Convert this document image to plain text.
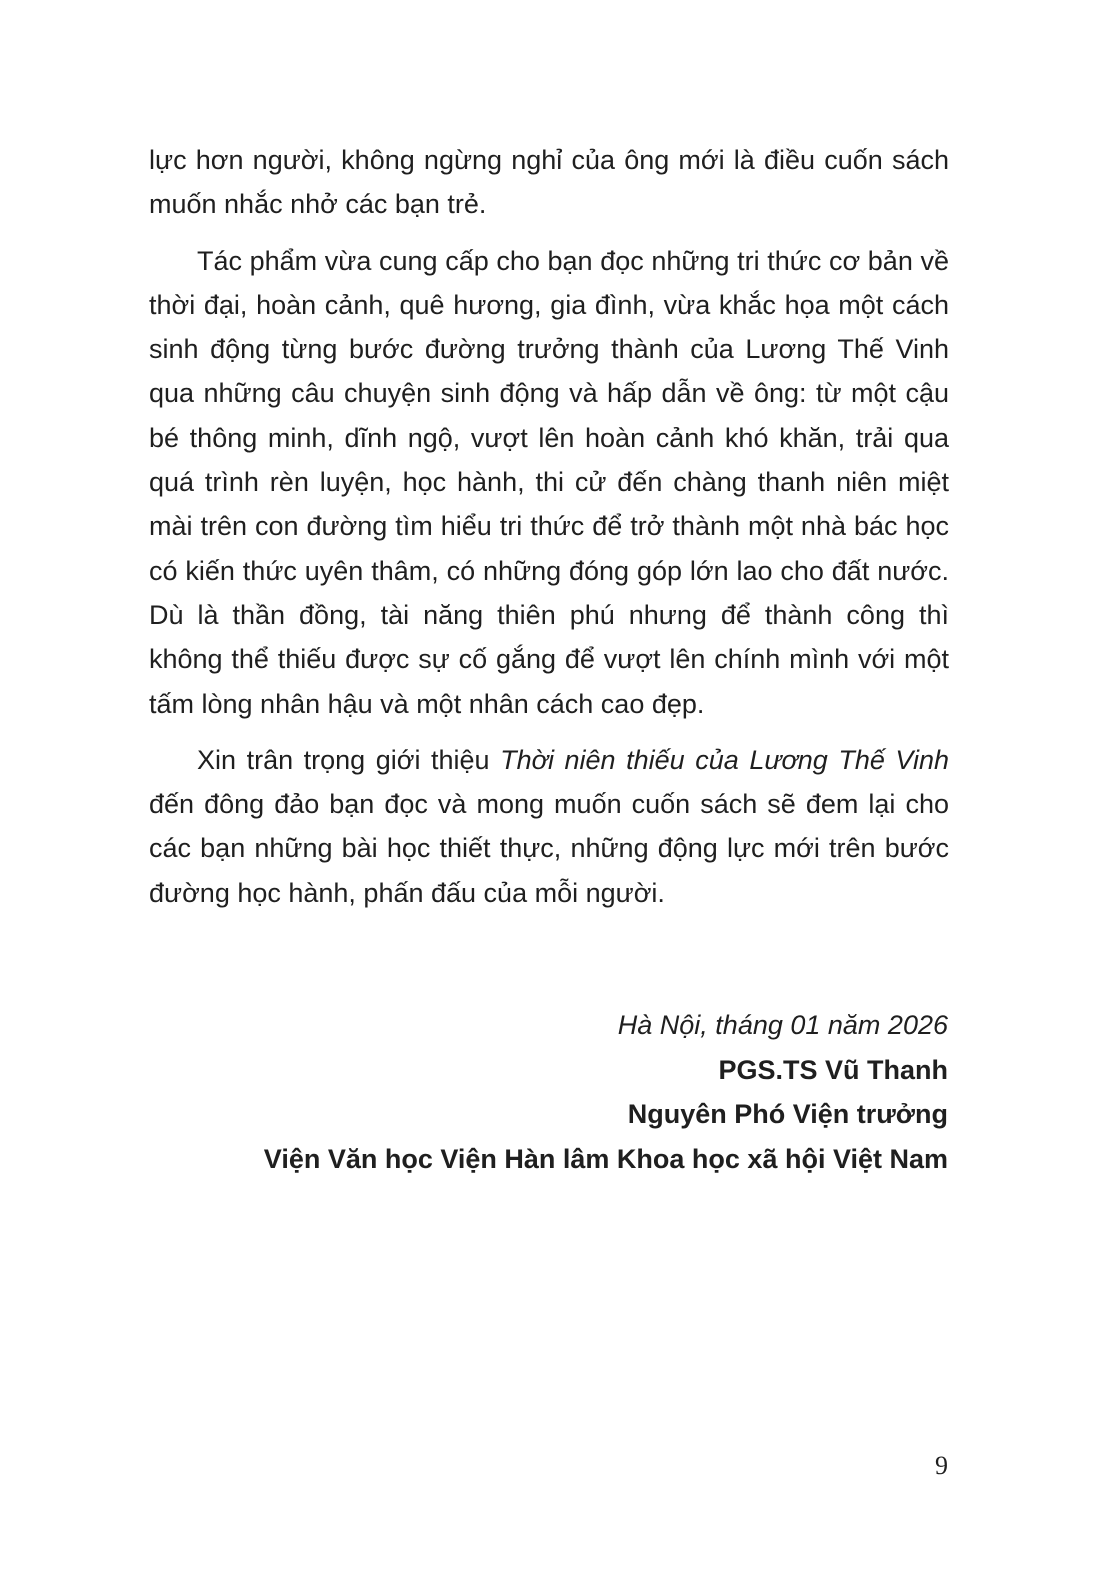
lực hơn người, không ngừng nghỉ của ông mới là điều cuốn sách muốn nhắc nhở các bạn trẻ.

Tác phẩm vừa cung cấp cho bạn đọc những tri thức cơ bản về thời đại, hoàn cảnh, quê hương, gia đình, vừa khắc họa một cách sinh động từng bước đường trưởng thành của Lương Thế Vinh qua những câu chuyện sinh động và hấp dẫn về ông: từ một cậu bé thông minh, dĩnh ngộ, vượt lên hoàn cảnh khó khăn, trải qua quá trình rèn luyện, học hành, thi cử đến chàng thanh niên miệt mài trên con đường tìm hiểu tri thức để trở thành một nhà bác học có kiến thức uyên thâm, có những đóng góp lớn lao cho đất nước. Dù là thần đồng, tài năng thiên phú nhưng để thành công thì không thể thiếu được sự cố gắng để vượt lên chính mình với một tấm lòng nhân hậu và một nhân cách cao đẹp.

Xin trân trọng giới thiệu Thời niên thiếu của Lương Thế Vinh đến đông đảo bạn đọc và mong muốn cuốn sách sẽ đem lại cho các bạn những bài học thiết thực, những động lực mới trên bước đường học hành, phấn đấu của mỗi người.

Hà Nội, tháng 01 năm 2026
PGS.TS Vũ Thanh
Nguyên Phó Viện trưởng
Viện Văn học Viện Hàn lâm Khoa học xã hội Việt Nam
9
